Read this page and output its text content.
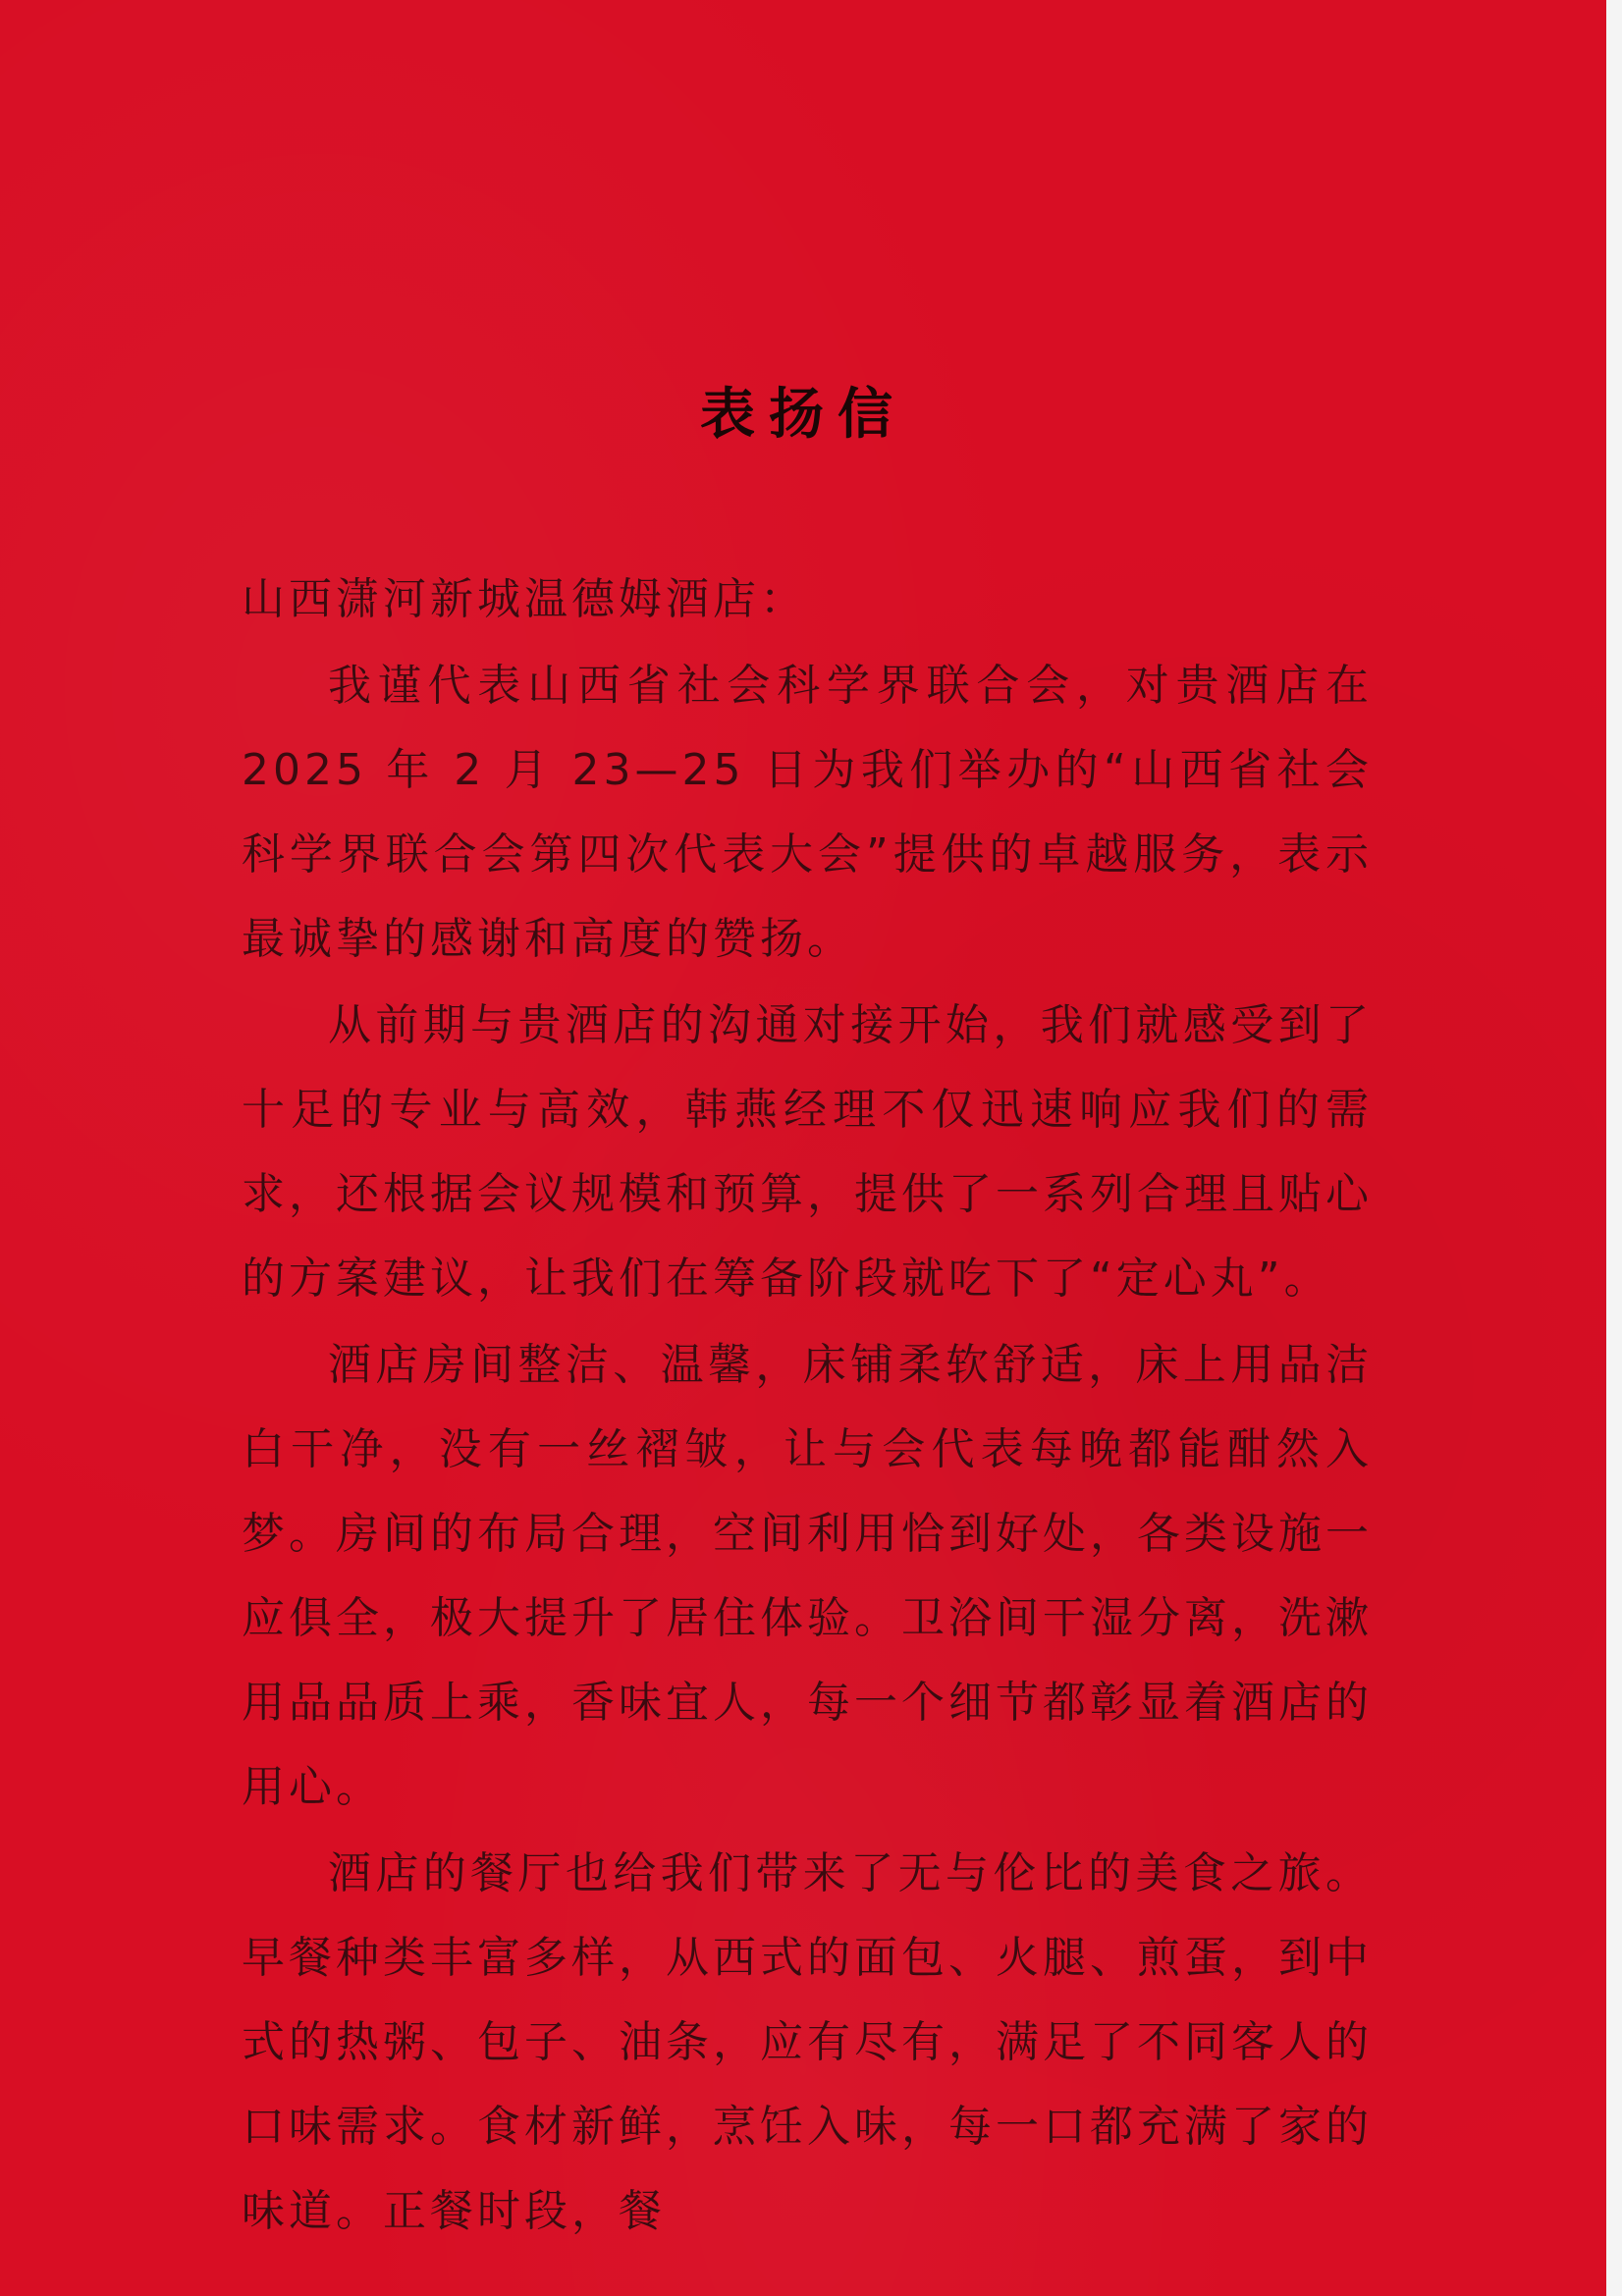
表扬信
山西潇河新城温德姆酒店：

我谨代表山西省社会科学界联合会，对贵酒店在 2025 年 2 月 23—25 日为我们举办的“山西省社会科学界联合会第四次代表大会”提供的卓越服务，表示最诚挚的感谢和高度的赞扬。

从前期与贵酒店的沟通对接开始，我们就感受到了十足的专业与高效，韩燕经理不仅迅速响应我们的需求，还根据会议规模和预算，提供了一系列合理且贴心的方案建议，让我们在筹备阶段就吃下了“定心丸”。

酒店房间整洁、温馨，床铺柔软舒适，床上用品洁白干净，没有一丝褶皱，让与会代表每晚都能酣然入梦。房间的布局合理，空间利用恰到好处，各类设施一应俱全，极大提升了居住体验。卫浴间干湿分离，洗漱用品品质上乘，香味宜人，每一个细节都彰显着酒店的用心。

酒店的餐厅也给我们带来了无与伦比的美食之旅。早餐种类丰富多样，从西式的面包、火腿、煎蛋，到中式的热粥、包子、油条，应有尽有，满足了不同客人的口味需求。食材新鲜，烹饪入味，每一口都充满了家的味道。正餐时段，餐
